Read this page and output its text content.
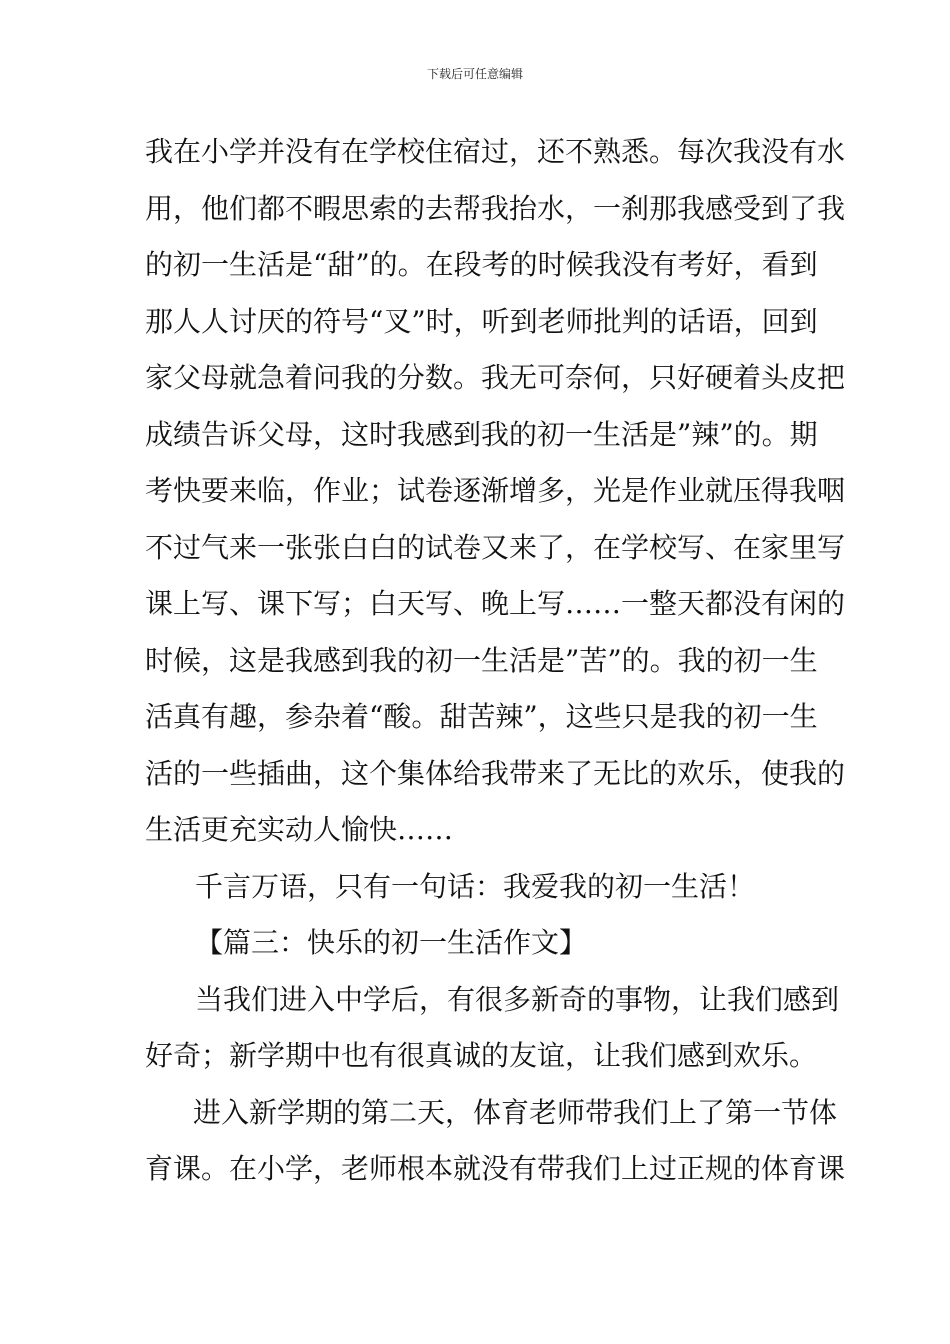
下载后可任意编辑
我在小学并没有在学校住宿过，还不熟悉。每次我没有水
用，他们都不暇思索的去帮我抬水，一刹那我感受到了我
的初一生活是“甜”的。在段考的时候我没有考好，看到
那人人讨厌的符号“叉”时，听到老师批判的话语，回到
家父母就急着问我的分数。我无可奈何，只好硬着头皮把
成绩告诉父母，这时我感到我的初一生活是”辣”的。期
考快要来临，作业；试卷逐渐增多，光是作业就压得我咽
不过气来一张张白白的试卷又来了，在学校写、在家里写
课上写、课下写；白天写、晚上写……一整天都没有闲的
时候，这是我感到我的初一生活是”苦”的。我的初一生
活真有趣，参杂着“酸。甜苦辣”，这些只是我的初一生
活的一些插曲，这个集体给我带来了无比的欢乐，使我的
生活更充实动人愉快……
千言万语，只有一句话：我爱我的初一生活！
【篇三：快乐的初一生活作文】
当我们进入中学后，有很多新奇的事物，让我们感到
好奇；新学期中也有很真诚的友谊，让我们感到欢乐。
进入新学期的第二天，体育老师带我们上了第一节体
育课。在小学，老师根本就没有带我们上过正规的体育课
